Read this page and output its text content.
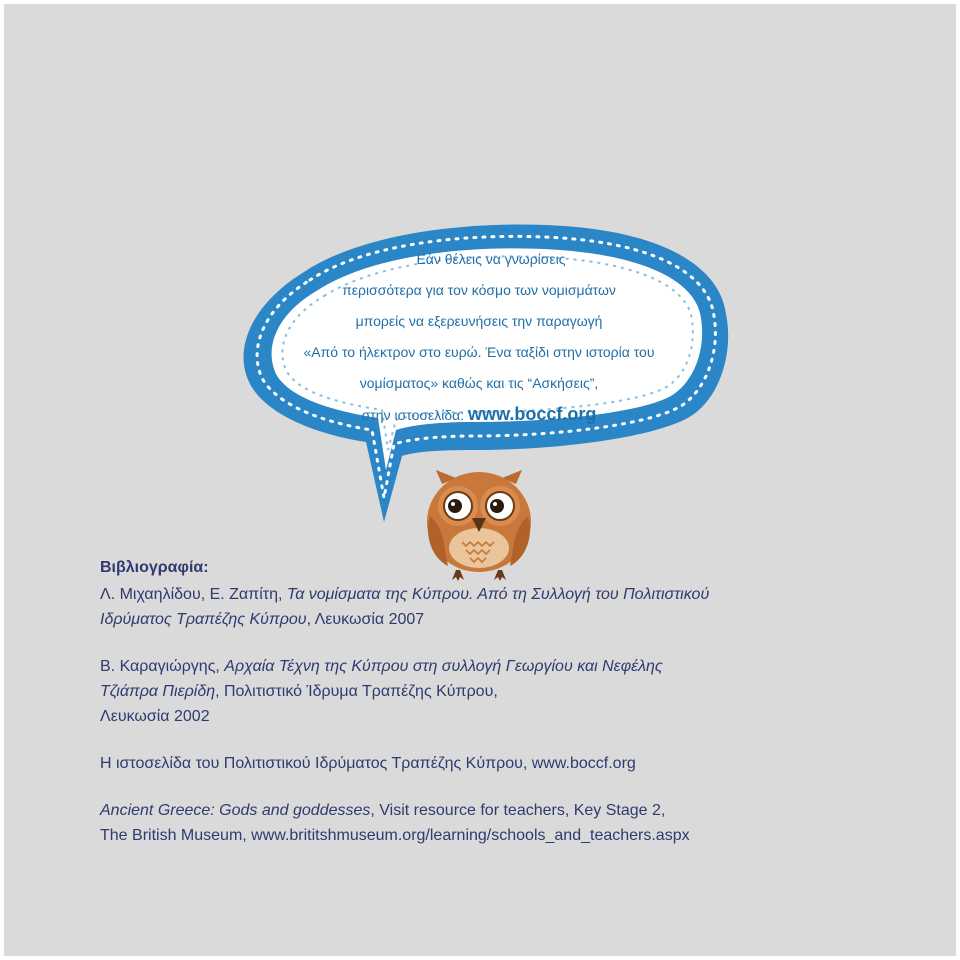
Εάν θέλεις να γνωρίσεις
περισσότερα για τον κόσμο των νομισμάτων
μπορείς να εξερευνήσεις την παραγωγή
«Από το ήλεκτρον στο ευρώ. Ένα ταξίδι στην ιστορία του
νομίσματος» καθώς και τις “Ασκήσεις”,
στην ιστοσελίδα: www.boccf.org
Βιβλιογραφία:
Λ. Μιχαηλίδου, Ε. Ζαπίτη, Τα νομίσματα της Κύπρου. Από τη Συλλογή του Πολιτιστικού
Ιδρύματος Τραπέζης Κύπρου, Λευκωσία 2007
Β. Καραγιώργης, Αρχαία Τέχνη της Κύπρου στη συλλογή Γεωργίου και Νεφέλης
Τζιάπρα Πιερίδη, Πολιτιστικό Ίδρυμα Τραπέζης Κύπρου,
Λευκωσία 2002
Η ιστοσελίδα του Πολιτιστικού Ιδρύματος Τραπέζης Κύπρου, www.boccf.org
Ancient Greece: Gods and goddesses, Visit resource for teachers, Key Stage 2,
The British Museum, www.brititshmuseum.org/learning/schools_and_teachers.aspx
